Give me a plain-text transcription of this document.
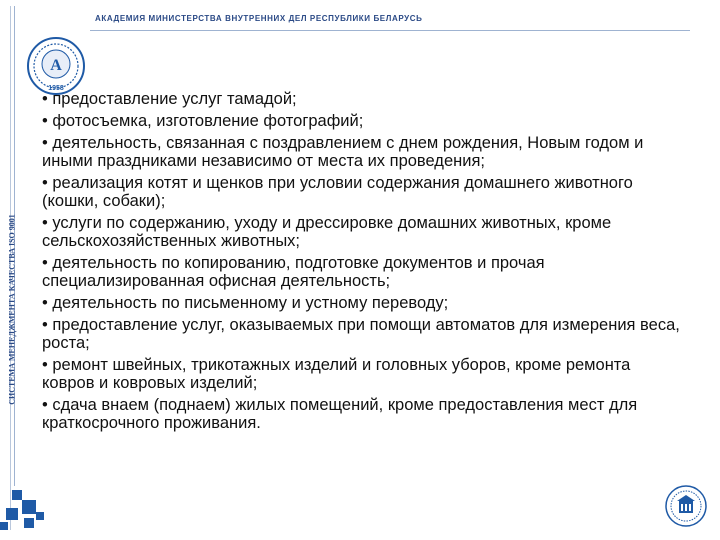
АКАДЕМИЯ МИНИСТЕРСТВА ВНУТРЕННИХ ДЕЛ РЕСПУБЛИКИ БЕЛАРУСЬ
СИСТЕМА МЕНЕДЖМЕНТА КАЧЕСТВА ISO 9001
А
1958
• предоставление услуг тамадой;
• фотосъемка, изготовление фотографий;
• деятельность, связанная с поздравлением с днем рождения, Новым годом и иными праздниками независимо от места их проведения;
• реализация котят и щенков при условии содержания домашнего животного (кошки, собаки);
• услуги по содержанию, уходу и дрессировке домашних животных, кроме сельскохозяйственных животных;
• деятельность по копированию, подготовке документов и прочая специализированная офисная деятельность;
• деятельность по письменному и устному переводу;
• предоставление услуг, оказываемых при помощи автоматов для измерения веса, роста;
• ремонт швейных, трикотажных изделий и головных уборов, кроме ремонта ковров и ковровых изделий;
• сдача внаем (поднаем) жилых помещений, кроме предоставления мест для краткосрочного проживания.
